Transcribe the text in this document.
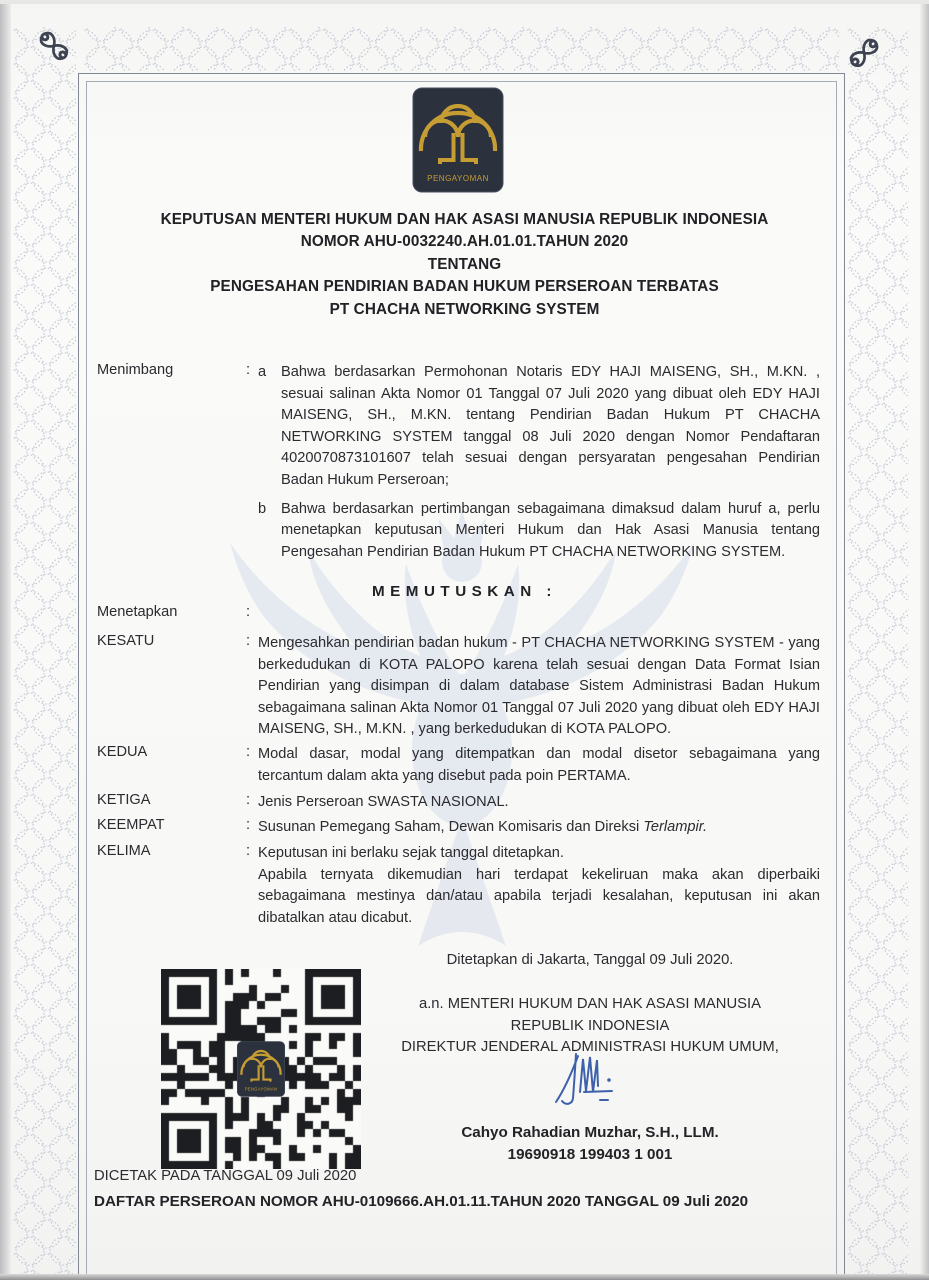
KEPUTUSAN MENTERI HUKUM DAN HAK ASASI MANUSIA REPUBLIK INDONESIA
NOMOR AHU-0032240.AH.01.01.TAHUN 2020
TENTANG
PENGESAHAN PENDIRIAN BADAN HUKUM PERSEROAN TERBATAS
PT CHACHA NETWORKING SYSTEM
Menimbang	: a Bahwa berdasarkan Permohonan Notaris EDY HAJI MAISENG, SH., M.KN. , sesuai salinan Akta Nomor 01 Tanggal 07 Juli 2020 yang dibuat oleh EDY HAJI MAISENG, SH., M.KN. tentang Pendirian Badan Hukum PT CHACHA NETWORKING SYSTEM tanggal 08 Juli 2020 dengan Nomor Pendaftaran 4020070873101607 telah sesuai dengan persyaratan pengesahan Pendirian Badan Hukum Perseroan;
b Bahwa berdasarkan pertimbangan sebagaimana dimaksud dalam huruf a, perlu menetapkan keputusan Menteri Hukum dan Hak Asasi Manusia tentang Pengesahan Pendirian Badan Hukum PT CHACHA NETWORKING SYSTEM.
MEMUTUSKAN :
Menetapkan	:
KESATU	: Mengesahkan pendirian badan hukum - PT CHACHA NETWORKING SYSTEM - yang berkedudukan di KOTA PALOPO karena telah sesuai dengan Data Format Isian Pendirian yang disimpan di dalam database Sistem Administrasi Badan Hukum sebagaimana salinan Akta Nomor 01 Tanggal 07 Juli 2020 yang dibuat oleh EDY HAJI MAISENG, SH., M.KN. , yang berkedudukan di KOTA PALOPO.
KEDUA	: Modal dasar, modal yang ditempatkan dan modal disetor sebagaimana yang tercantum dalam akta yang disebut pada poin PERTAMA.
KETIGA	: Jenis Perseroan SWASTA NASIONAL.
KEEMPAT	: Susunan Pemegang Saham, Dewan Komisaris dan Direksi Terlampir.
KELIMA	: Keputusan ini berlaku sejak tanggal ditetapkan.
Apabila ternyata dikemudian hari terdapat kekeliruan maka akan diperbaiki sebagaimana mestinya dan/atau apabila terjadi kesalahan, keputusan ini akan dibatalkan atau dicabut.
Ditetapkan di Jakarta, Tanggal 09 Juli 2020.
a.n. MENTERI HUKUM DAN HAK ASASI MANUSIA
REPUBLIK INDONESIA
DIREKTUR JENDERAL ADMINISTRASI HUKUM UMUM,
Cahyo Rahadian Muzhar, S.H., LLM.
19690918 199403 1 001
DICETAK PADA TANGGAL 09 Juli 2020
DAFTAR PERSEROAN NOMOR AHU-0109666.AH.01.11.TAHUN 2020 TANGGAL 09 Juli 2020
